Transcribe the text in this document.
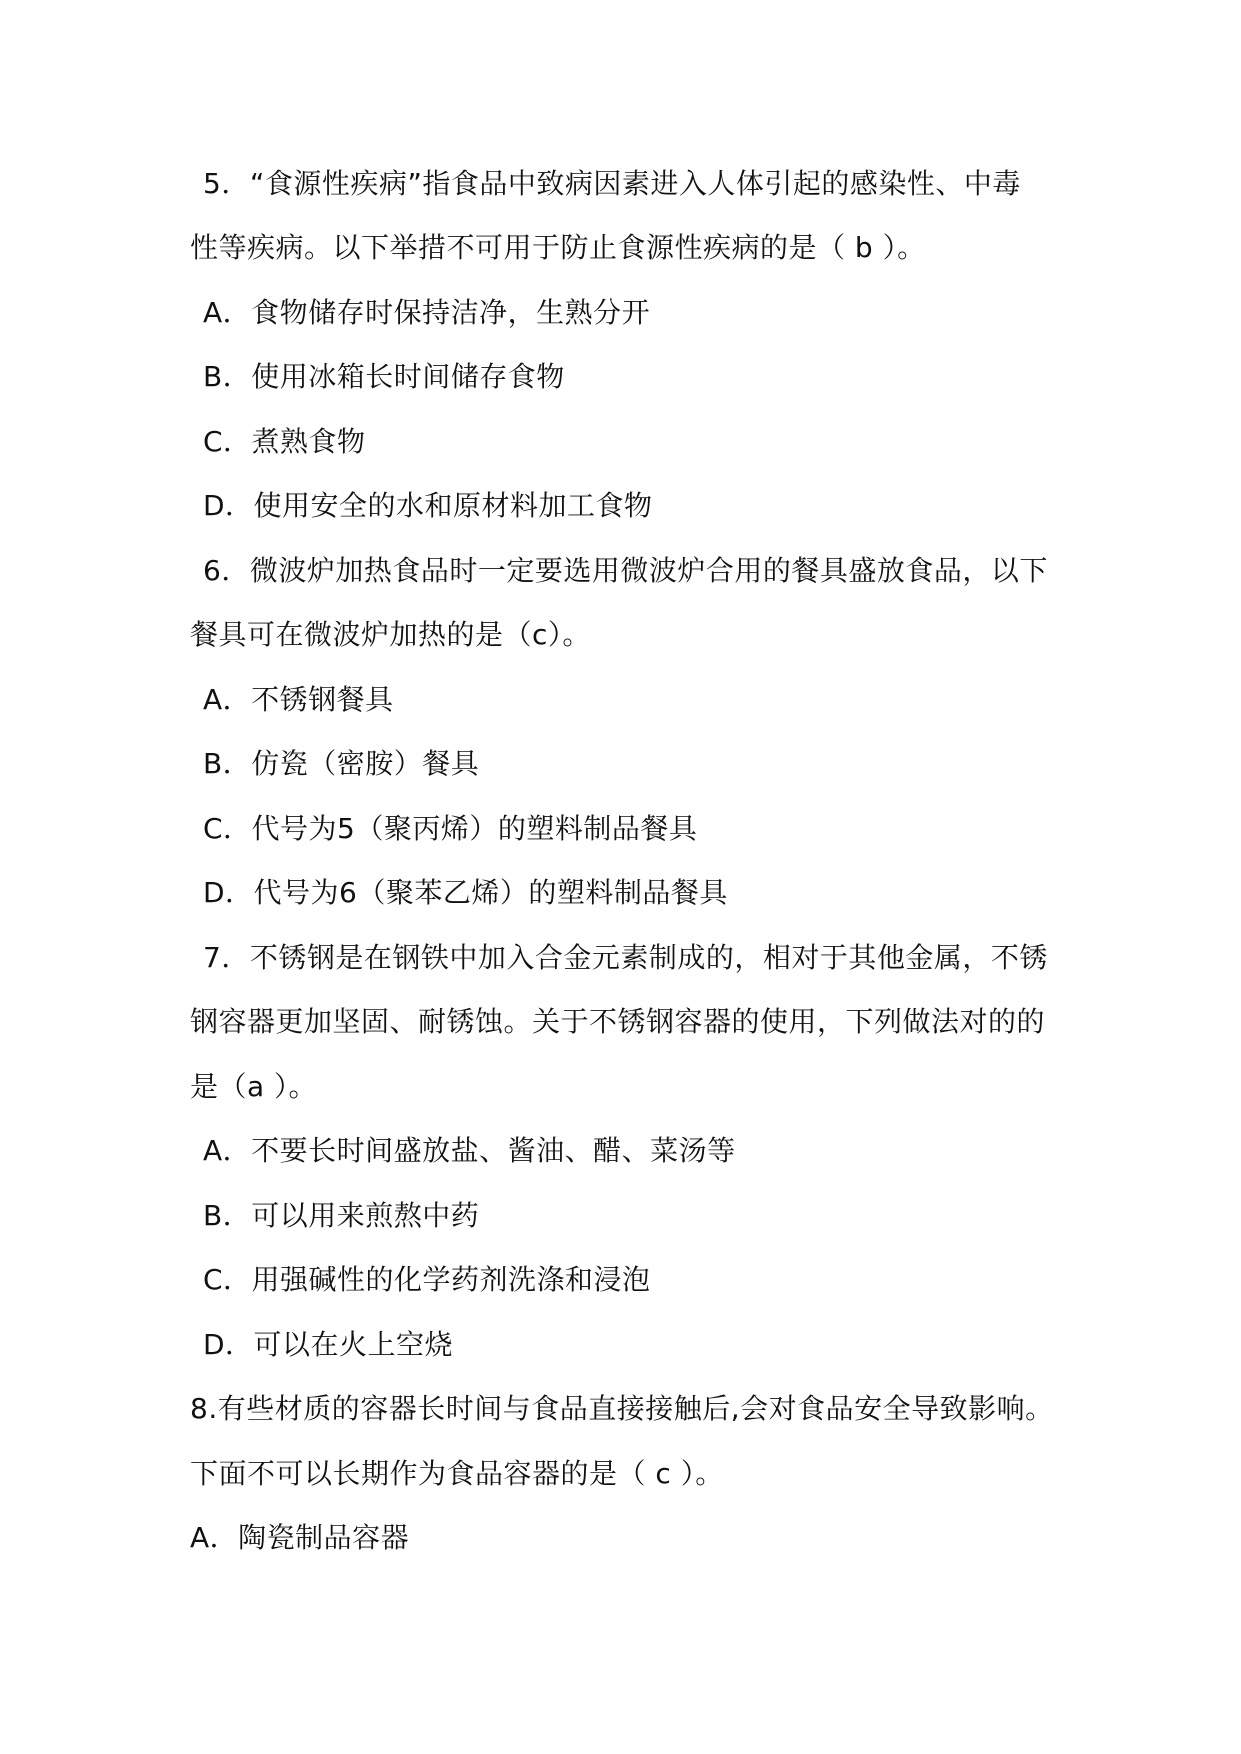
5．“食源性疾病”指食品中致病因素进入人体引起的感染性、中毒
性等疾病。以下举措不可用于防止食源性疾病的是（ b ）。
A．食物储存时保持洁净，生熟分开
B．使用冰箱长时间储存食物
C．煮熟食物
D．使用安全的水和原材料加工食物
6．微波炉加热食品时一定要选用微波炉合用的餐具盛放食品，以下
餐具可在微波炉加热的是（c）。
A．不锈钢餐具
B．仿瓷（密胺）餐具
C．代号为5（聚丙烯）的塑料制品餐具
D．代号为6（聚苯乙烯）的塑料制品餐具
7．不锈钢是在钢铁中加入合金元素制成的，相对于其他金属，不锈
钢容器更加坚固、耐锈蚀。关于不锈钢容器的使用，下列做法对的的
是（a ）。
A．不要长时间盛放盐、酱油、醋、菜汤等
B．可以用来煎熬中药
C．用强碱性的化学药剂洗涤和浸泡
D．可以在火上空烧
8.有些材质的容器长时间与食品直接接触后,会对食品安全导致影响。
下面不可以长期作为食品容器的是（ c ）。
A．陶瓷制品容器
